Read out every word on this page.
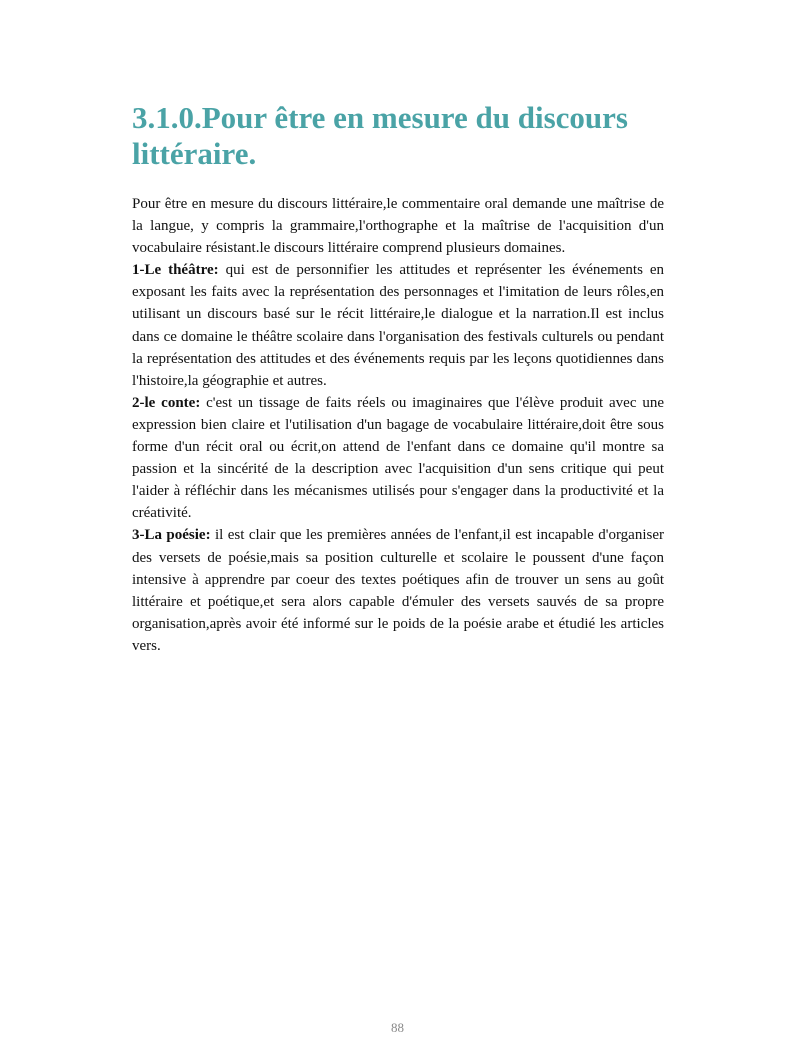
3.1.0.Pour être en mesure du discours littéraire.

Pour être en mesure du discours littéraire,le commentaire oral demande une maîtrise de la langue, y compris la grammaire,l'orthographe et la maîtrise de l'acquisition d'un vocabulaire résistant.le discours littéraire comprend plusieurs domaines.

1-Le théâtre: qui est de personnifier les attitudes et représenter les événements en exposant les faits avec la représentation des personnages et l'imitation de leurs rôles,en utilisant un discours basé sur le récit littéraire,le dialogue et la narration.Il est inclus dans ce domaine le théâtre scolaire dans l'organisation des festivals culturels ou pendant la représentation des attitudes et des événements requis par les leçons quotidiennes dans l'histoire,la géographie et autres.

2-le conte: c'est un tissage de faits réels ou imaginaires que l'élève produit avec une expression bien claire et l'utilisation d'un bagage de vocabulaire littéraire,doit être sous forme d'un récit oral ou écrit,on attend de l'enfant dans ce domaine qu'il montre sa passion et la sincérité de la description avec l'acquisition d'un sens critique qui peut l'aider à réfléchir dans les mécanismes utilisés pour s'engager dans la productivité et la créativité.

3-La poésie: il est clair que les premières années de l'enfant,il est incapable d'organiser des versets de poésie,mais sa position culturelle et scolaire le poussent d'une façon intensive à apprendre par coeur des textes poétiques afin de trouver un sens au goût littéraire et poétique,et sera alors capable d'émuler des versets sauvés de sa propre organisation,après avoir été informé sur le poids de la poésie arabe et étudié les articles vers.

88
